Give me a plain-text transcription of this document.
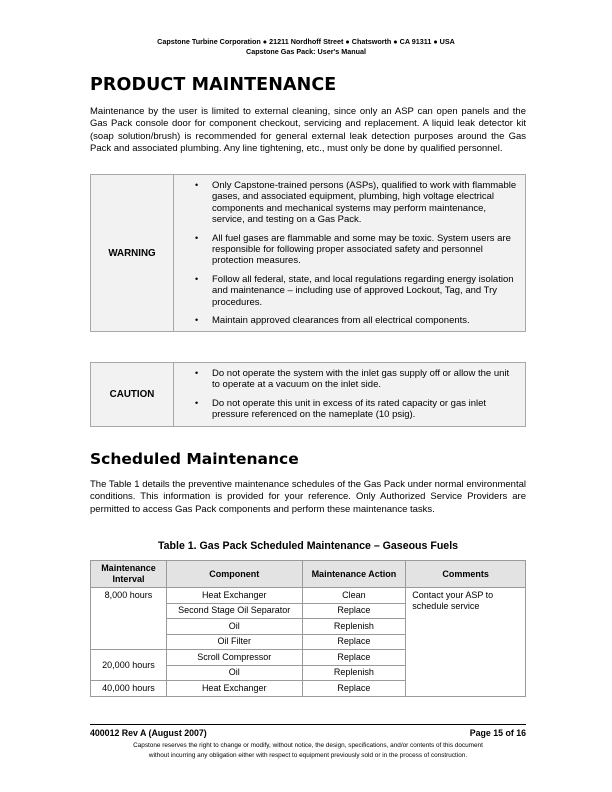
Capstone Turbine Corporation ● 21211 Nordhoff Street ● Chatsworth ● CA 91311 ● USA
Capstone Gas Pack: User's Manual
PRODUCT MAINTENANCE

Maintenance by the user is limited to external cleaning, since only an ASP can open panels and the Gas Pack console door for component checkout, servicing and replacement. A liquid leak detector kit (soap solution/brush) is recommended for general external leak detection purposes around the Gas Pack and associated plumbing. Any line tightening, etc., must only be done by qualified personnel.

WARNING	
• Only Capstone-trained persons (ASPs), qualified to work with flammable gases, and associated equipment, plumbing, high voltage electrical components and mechanical systems may perform maintenance, service, and testing on a Gas Pack.
• All fuel gases are flammable and some may be toxic. System users are responsible for following proper associated safety and personnel protection measures.
• Follow all federal, state, and local regulations regarding energy isolation and maintenance – including use of approved Lockout, Tag, and Try procedures.
• Maintain approved clearances from all electrical components.
CAUTION	
• Do not operate the system with the inlet gas supply off or allow the unit to operate at a vacuum on the inlet side.
• Do not operate this unit in excess of its rated capacity or gas inlet pressure referenced on the nameplate (10 psig).
Scheduled Maintenance

The Table 1 details the preventive maintenance schedules of the Gas Pack under normal environmental conditions. This information is provided for your reference. Only Authorized Service Providers are permitted to access Gas Pack components and perform these maintenance tasks.

Table 1. Gas Pack Scheduled Maintenance – Gaseous Fuels
Maintenance Interval	Component	Maintenance Action	Comments
8,000 hours	Heat Exchanger	Clean	Contact your ASP to schedule service
	Second Stage Oil Separator	Replace	
	Oil	Replenish	
	Oil Filter	Replace	
20,000 hours	Scroll Compressor	Replace	
	Oil	Replenish	
40,000 hours	Heat Exchanger	Replace	
400012 Rev A (August 2007)	Page 15 of 16
Capstone reserves the right to change or modify, without notice, the design, specifications, and/or contents of this document
without incurring any obligation either with respect to equipment previously sold or in the process of construction.
